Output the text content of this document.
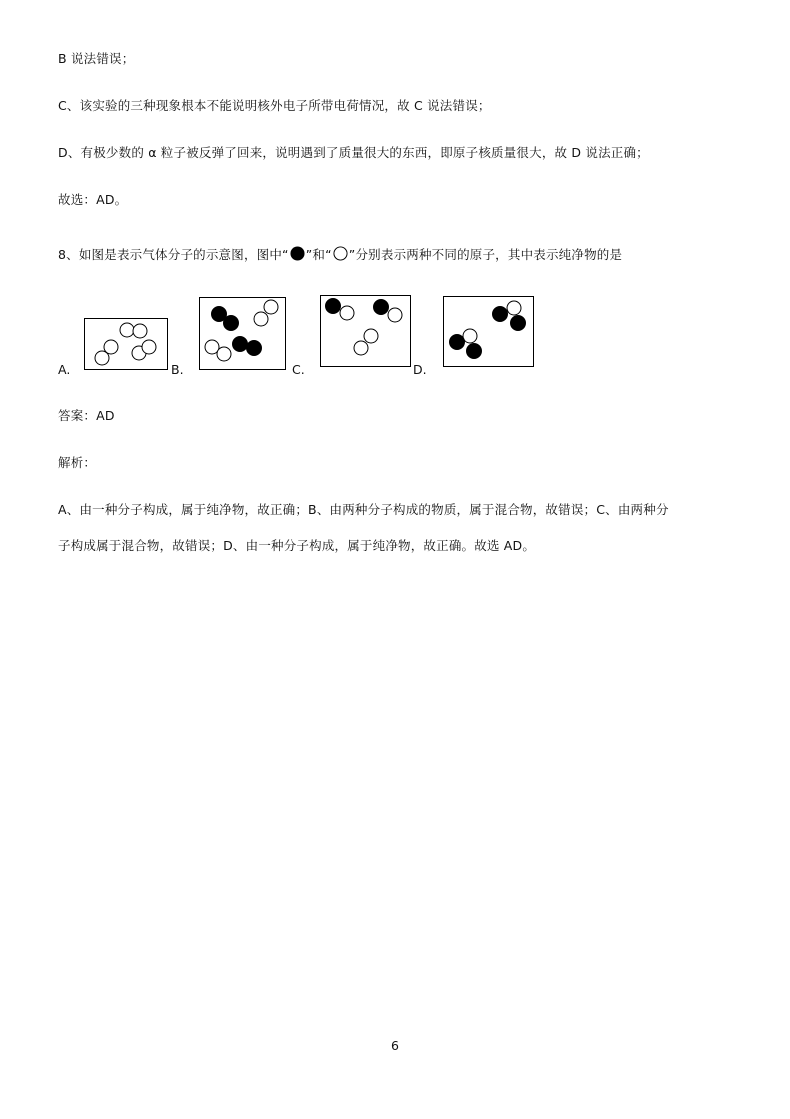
B 说法错误；
C、该实验的三种现象根本不能说明核外电子所带电荷情况，故 C 说法错误；
D、有极少数的 α 粒子被反弹了回来，说明遇到了质量很大的东西，即原子核质量很大，故 D 说法正确；
故选：AD。
8、如图是表示气体分子的示意图，图中“ ”和“ ”分别表示两种不同的原子，其中表示纯净物的是
A.	B.	C.	D.
答案：AD
解析：
A、由一种分子构成，属于纯净物，故正确；B、由两种分子构成的物质，属于混合物，故错误；C、由两种分
子构成属于混合物，故错误；D、由一种分子构成，属于纯净物，故正确。故选 AD。
6
